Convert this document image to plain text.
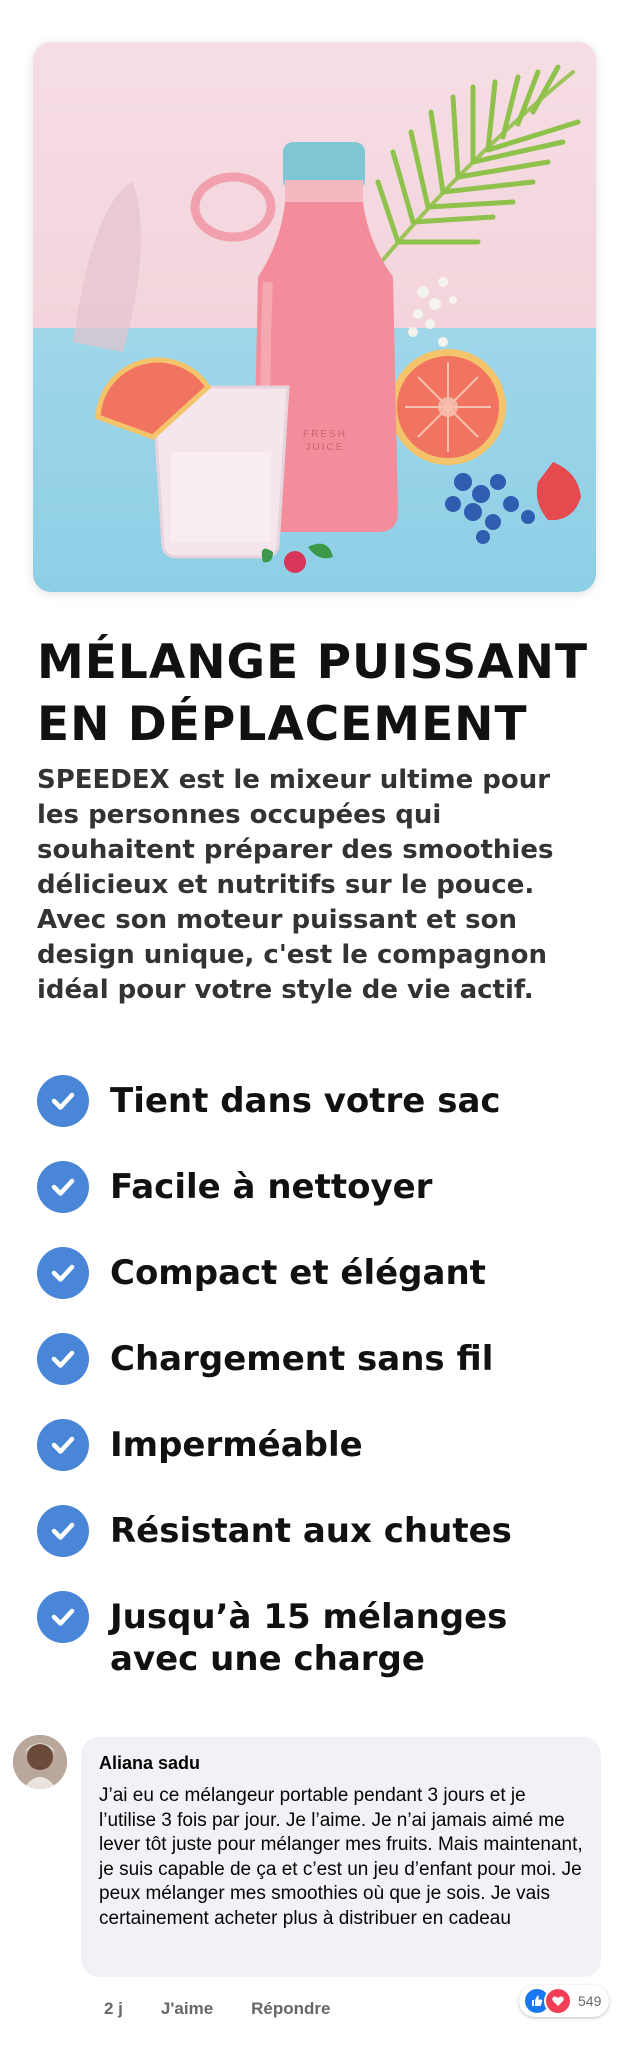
FRESH
JUICE
MÉLANGE PUISSANT EN DÉPLACEMENT

SPEEDEX est le mixeur ultime pour les personnes occupées qui souhaitent préparer des smoothies délicieux et nutritifs sur le pouce. Avec son moteur puissant et son design unique, c'est le compagnon idéal pour votre style de vie actif.

Tient dans votre sac
Facile à nettoyer
Compact et élégant
Chargement sans fil
Imperméable
Résistant aux chutes
Jusqu’à 15 mélanges avec une charge
Aliana sadu
J’ai eu ce mélangeur portable pendant 3 jours et je l’utilise 3 fois par jour. Je l’aime. Je n’ai jamais aimé me lever tôt juste pour mélanger mes fruits. Mais maintenant, je suis capable de ça et c’est un jeu d’enfant pour moi. Je peux mélanger mes smoothies où que je sois. Je vais certainement acheter plus à distribuer en cadeau
549
2 j J'aime Répondre
